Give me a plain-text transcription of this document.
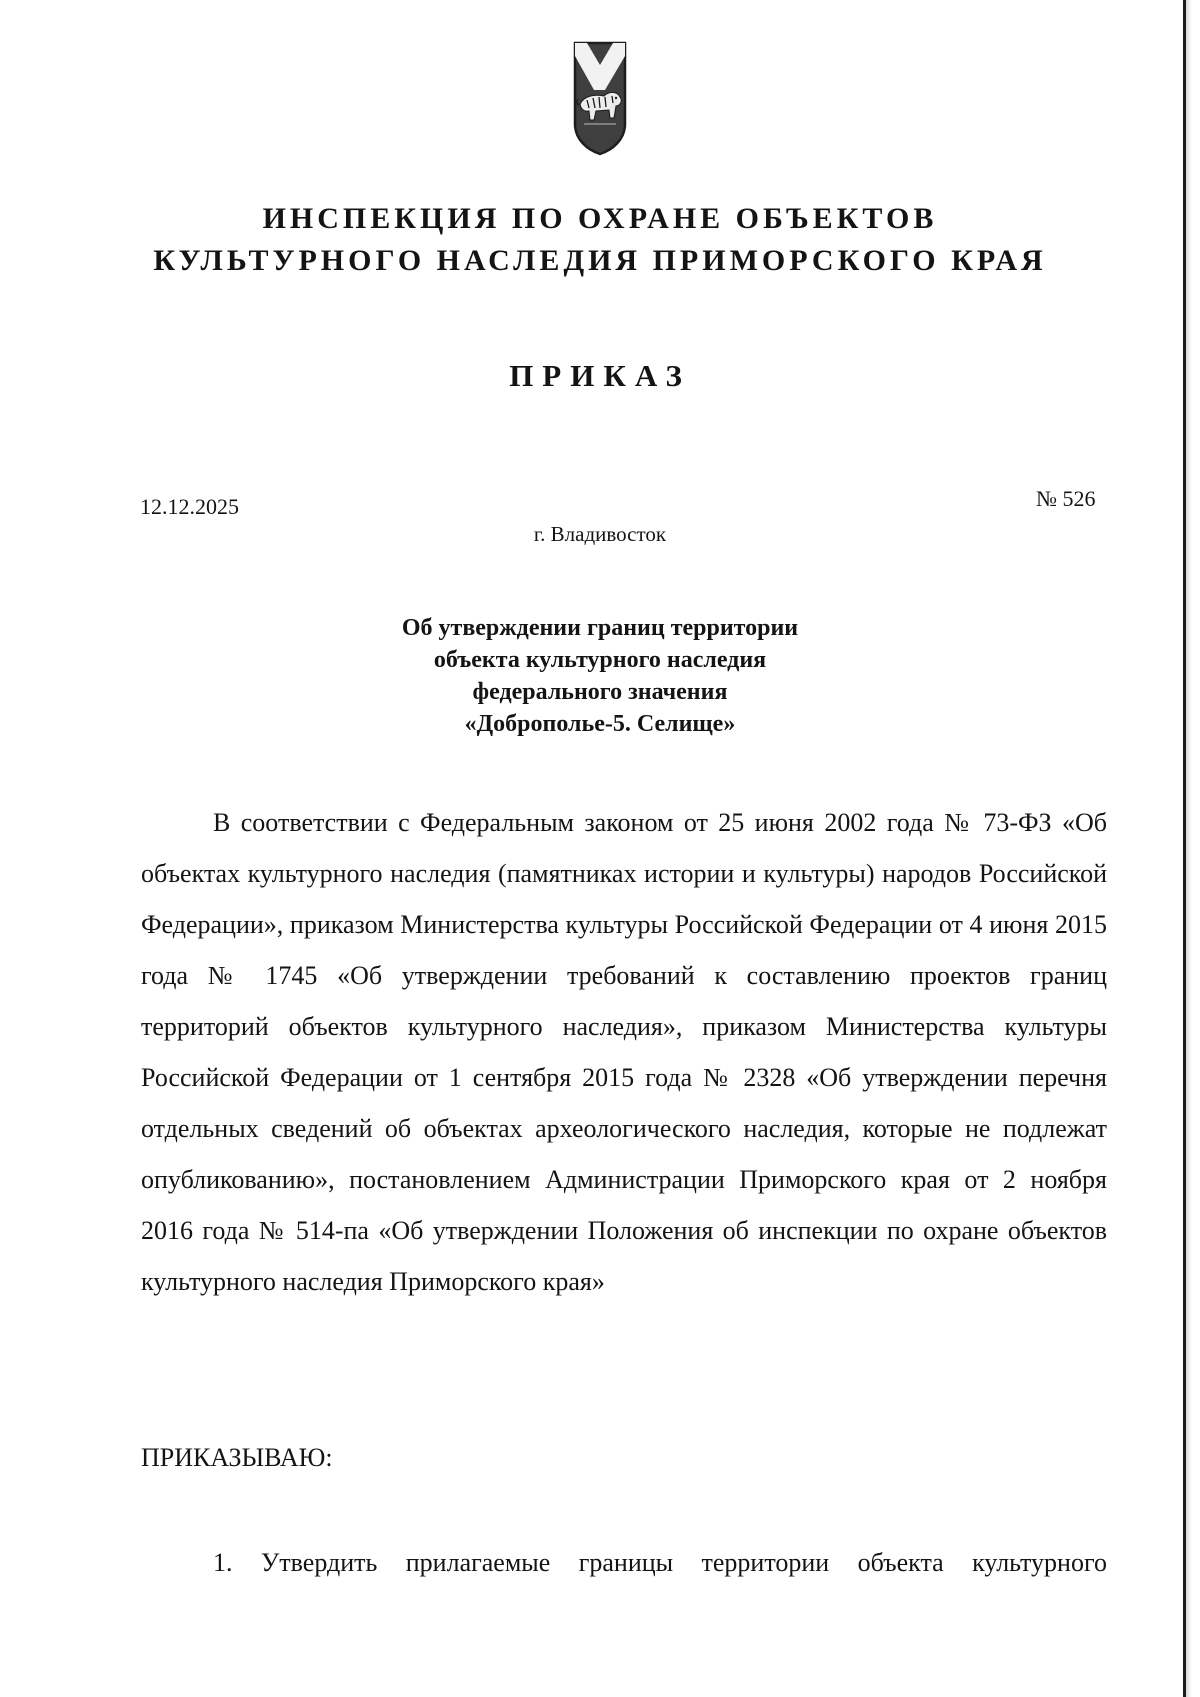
ИНСПЕКЦИЯ ПО ОХРАНЕ ОБЪЕКТОВ
КУЛЬТУРНОГО НАСЛЕДИЯ ПРИМОРСКОГО КРАЯ
ПРИКАЗ
12.12.2025	№ 526
г. Владивосток
Об утверждении границ территории
объекта культурного наследия
федерального значения
«Доброполье-5. Селище»
В соответствии с Федеральным законом от 25 июня 2002 года № 73-ФЗ «Об объектах культурного наследия (памятниках истории и культуры) народов Российской Федерации», приказом Министерства культуры Российской Федерации от 4 июня 2015 года № 1745 «Об утверждении требований к составлению проектов границ территорий объектов культурного наследия», приказом Министерства культуры Российской Федерации от 1 сентября 2015 года № 2328 «Об утверждении перечня отдельных сведений об объектах археологического наследия, которые не подлежат опубликованию», постановлением Администрации Приморского края от 2 ноября 2016 года № 514-па «Об утверждении Положения об инспекции по охране объектов культурного наследия Приморского края»
ПРИКАЗЫВАЮ:
1. Утвердить прилагаемые границы территории объекта культурного
